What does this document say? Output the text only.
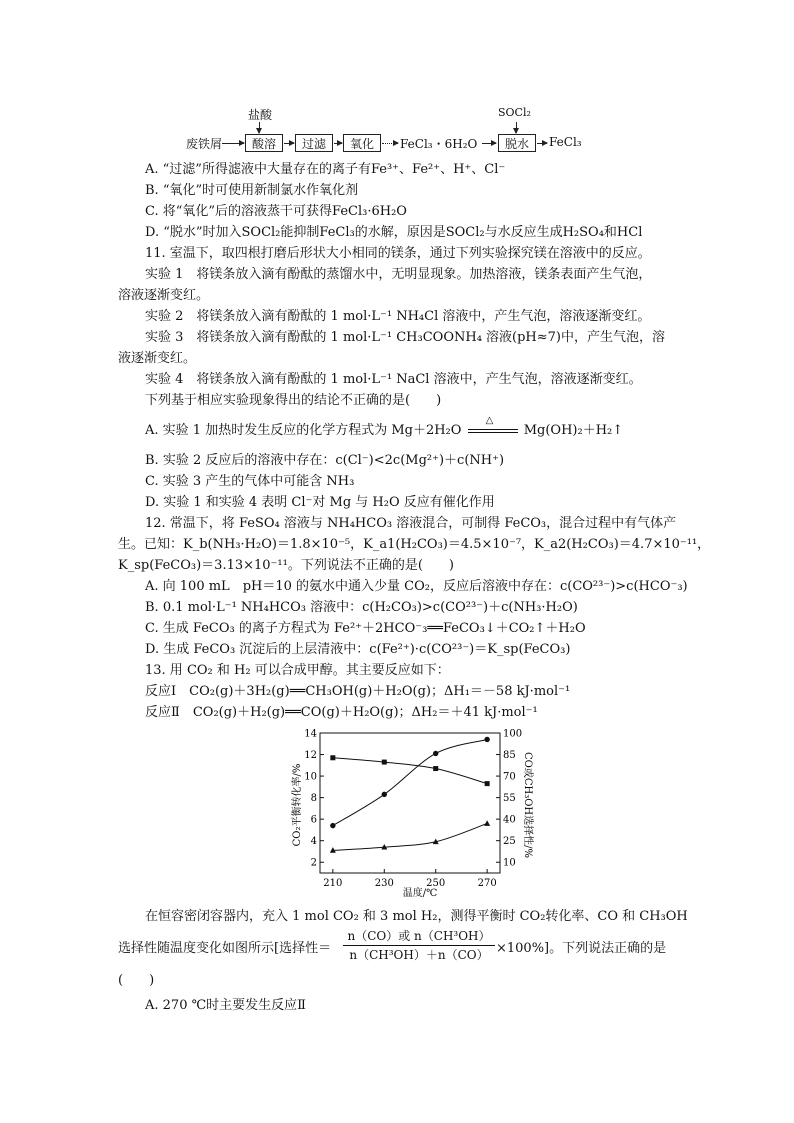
废铁屑
盐酸
酸溶	过滤	氧化	FeCl₃・6H₂O
SOCl₂
脱水	FeCl₃
A. “过滤”所得滤液中大量存在的离子有Fe³⁺、Fe²⁺、H⁺、Cl⁻
B. “氧化”时可使用新制氯水作氧化剂
C. 将“氧化”后的溶液蒸干可获得FeCl₃·6H₂O
D. “脱水”时加入SOCl₂能抑制FeCl₃的水解，原因是SOCl₂与水反应生成H₂SO₄和HCl
11. 室温下，取四根打磨后形状大小相同的镁条，通过下列实验探究镁在溶液中的反应。
实验 1　将镁条放入滴有酚酞的蒸馏水中，无明显现象。加热溶液，镁条表面产生气泡，
溶液逐渐变红。
实验 2　将镁条放入滴有酚酞的 1 mol·L⁻¹ NH₄Cl 溶液中，产生气泡，溶液逐渐变红。
实验 3　将镁条放入滴有酚酞的 1 mol·L⁻¹ CH₃COONH₄ 溶液(pH≈7)中，产生气泡，溶
液逐渐变红。
实验 4　将镁条放入滴有酚酞的 1 mol·L⁻¹ NaCl 溶液中，产生气泡，溶液逐渐变红。
下列基于相应实验现象得出的结论不正确的是(　　)
A. 实验 1 加热时发生反应的化学方程式为 Mg＋2H₂O
△
Mg(OH)₂＋H₂↑
B. 实验 2 反应后的溶液中存在：c(Cl⁻)<2c(Mg²⁺)＋c(NH⁺)
C. 实验 3 产生的气体中可能含 NH₃
D. 实验 1 和实验 4 表明 Cl⁻对 Mg 与 H₂O 反应有催化作用
12. 常温下，将 FeSO₄ 溶液与 NH₄HCO₃ 溶液混合，可制得 FeCO₃，混合过程中有气体产
生。已知：K_b(NH₃·H₂O)＝1.8×10⁻⁵，K_a1(H₂CO₃)＝4.5×10⁻⁷，K_a2(H₂CO₃)＝4.7×10⁻¹¹，
K_sp(FeCO₃)＝3.13×10⁻¹¹。下列说法不正确的是(　　)
A. 向 100 mL　pH＝10 的氨水中通入少量 CO₂，反应后溶液中存在：c(CO²³⁻)>c(HCO⁻₃)
B. 0.1 mol·L⁻¹ NH₄HCO₃ 溶液中：c(H₂CO₃)>c(CO²³⁻)＋c(NH₃·H₂O)
C. 生成 FeCO₃ 的离子方程式为 Fe²⁺＋2HCO⁻₃══FeCO₃↓＋CO₂↑＋H₂O
D. 生成 FeCO₃ 沉淀后的上层清液中：c(Fe²⁺)·c(CO²³⁻)＝K_sp(FeCO₃)
13. 用 CO₂ 和 H₂ 可以合成甲醇。其主要反应如下：
反应Ⅰ　CO₂(g)＋3H₂(g)══CH₃OH(g)＋H₂O(g)；ΔH₁＝－58 kJ·mol⁻¹
反应Ⅱ　CO₂(g)＋H₂(g)══CO(g)＋H₂O(g)；ΔH₂＝＋41 kJ·mol⁻¹
2
4
6
8
10
12
14
10
25
40
55
70
85
100
210	230	250	270
CO₂平衡转化率/%	CO或CH₃OH选择性/%
温度/℃
在恒容密闭容器内，充入 1 mol CO₂ 和 3 mol H₂，测得平衡时 CO₂转化率、CO 和 CH₃OH
选择性随温度变化如图所示[选择性＝
n（CO）或 n（CH³OH）
n（CH³OH）＋n（CO） ×100%]。下列说法正确的是
(　　)
A. 270 ℃时主要发生反应Ⅱ
